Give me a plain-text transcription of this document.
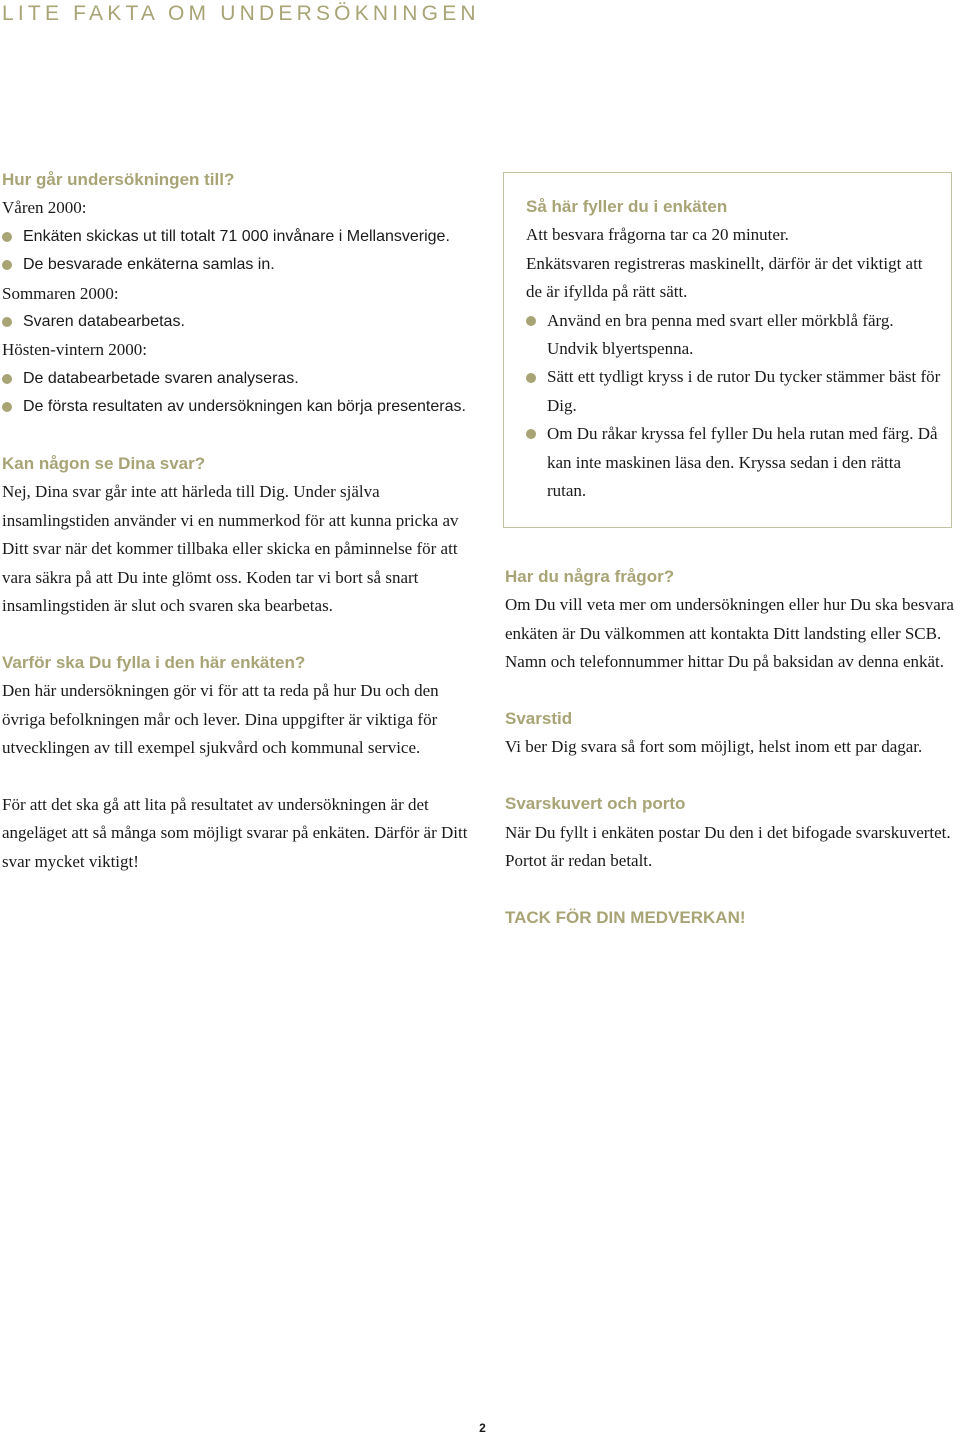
LITE FAKTA OM UNDERSÖKNINGEN
Hur går undersökningen till?
Våren 2000:
Enkäten skickas ut till totalt 71 000 invånare i Mellansverige.
De besvarade enkäterna samlas in.
Sommaren 2000:
Svaren databearbetas.
Hösten-vintern 2000:
De databearbetade svaren analyseras.
De första resultaten av undersökningen kan börja presenteras.
Kan någon se Dina svar?

Nej, Dina svar går inte att härleda till Dig. Under själva insamlingstiden använder vi en nummerkod för att kunna pricka av Ditt svar när det kommer tillbaka eller skicka en påminnelse för att vara säkra på att Du inte glömt oss. Koden tar vi bort så snart insamlingstiden är slut och svaren ska bearbetas.

Varför ska Du fylla i den här enkäten?

Den här undersökningen gör vi för att ta reda på hur Du och den övriga befolkningen mår och lever. Dina uppgifter är viktiga för utvecklingen av till exempel sjukvård och kommunal service.

För att det ska gå att lita på resultatet av undersökningen är det angeläget att så många som möjligt svarar på enkäten. Därför är Ditt svar mycket viktigt!

Så här fyller du i enkäten

Att besvara frågorna tar ca 20 minuter.

Enkätsvaren registreras maskinellt, därför är det viktigt att de är ifyllda på rätt sätt.

Använd en bra penna med svart eller mörkblå färg. Undvik blyertspenna.
Sätt ett tydligt kryss i de rutor Du tycker stämmer bäst för Dig.
Om Du råkar kryssa fel fyller Du hela rutan med färg. Då kan inte maskinen läsa den. Kryssa sedan i den rätta rutan.
Har du några frågor?

Om Du vill veta mer om undersökningen eller hur Du ska besvara enkäten är Du välkommen att kontakta Ditt landsting eller SCB. Namn och telefonnummer hittar Du på baksidan av denna enkät.

Svarstid

Vi ber Dig svara så fort som möjligt, helst inom ett par dagar.

Svarskuvert och porto

När Du fyllt i enkäten postar Du den i det bifogade svarskuvertet. Portot är redan betalt.

TACK FÖR DIN MEDVERKAN!
2
